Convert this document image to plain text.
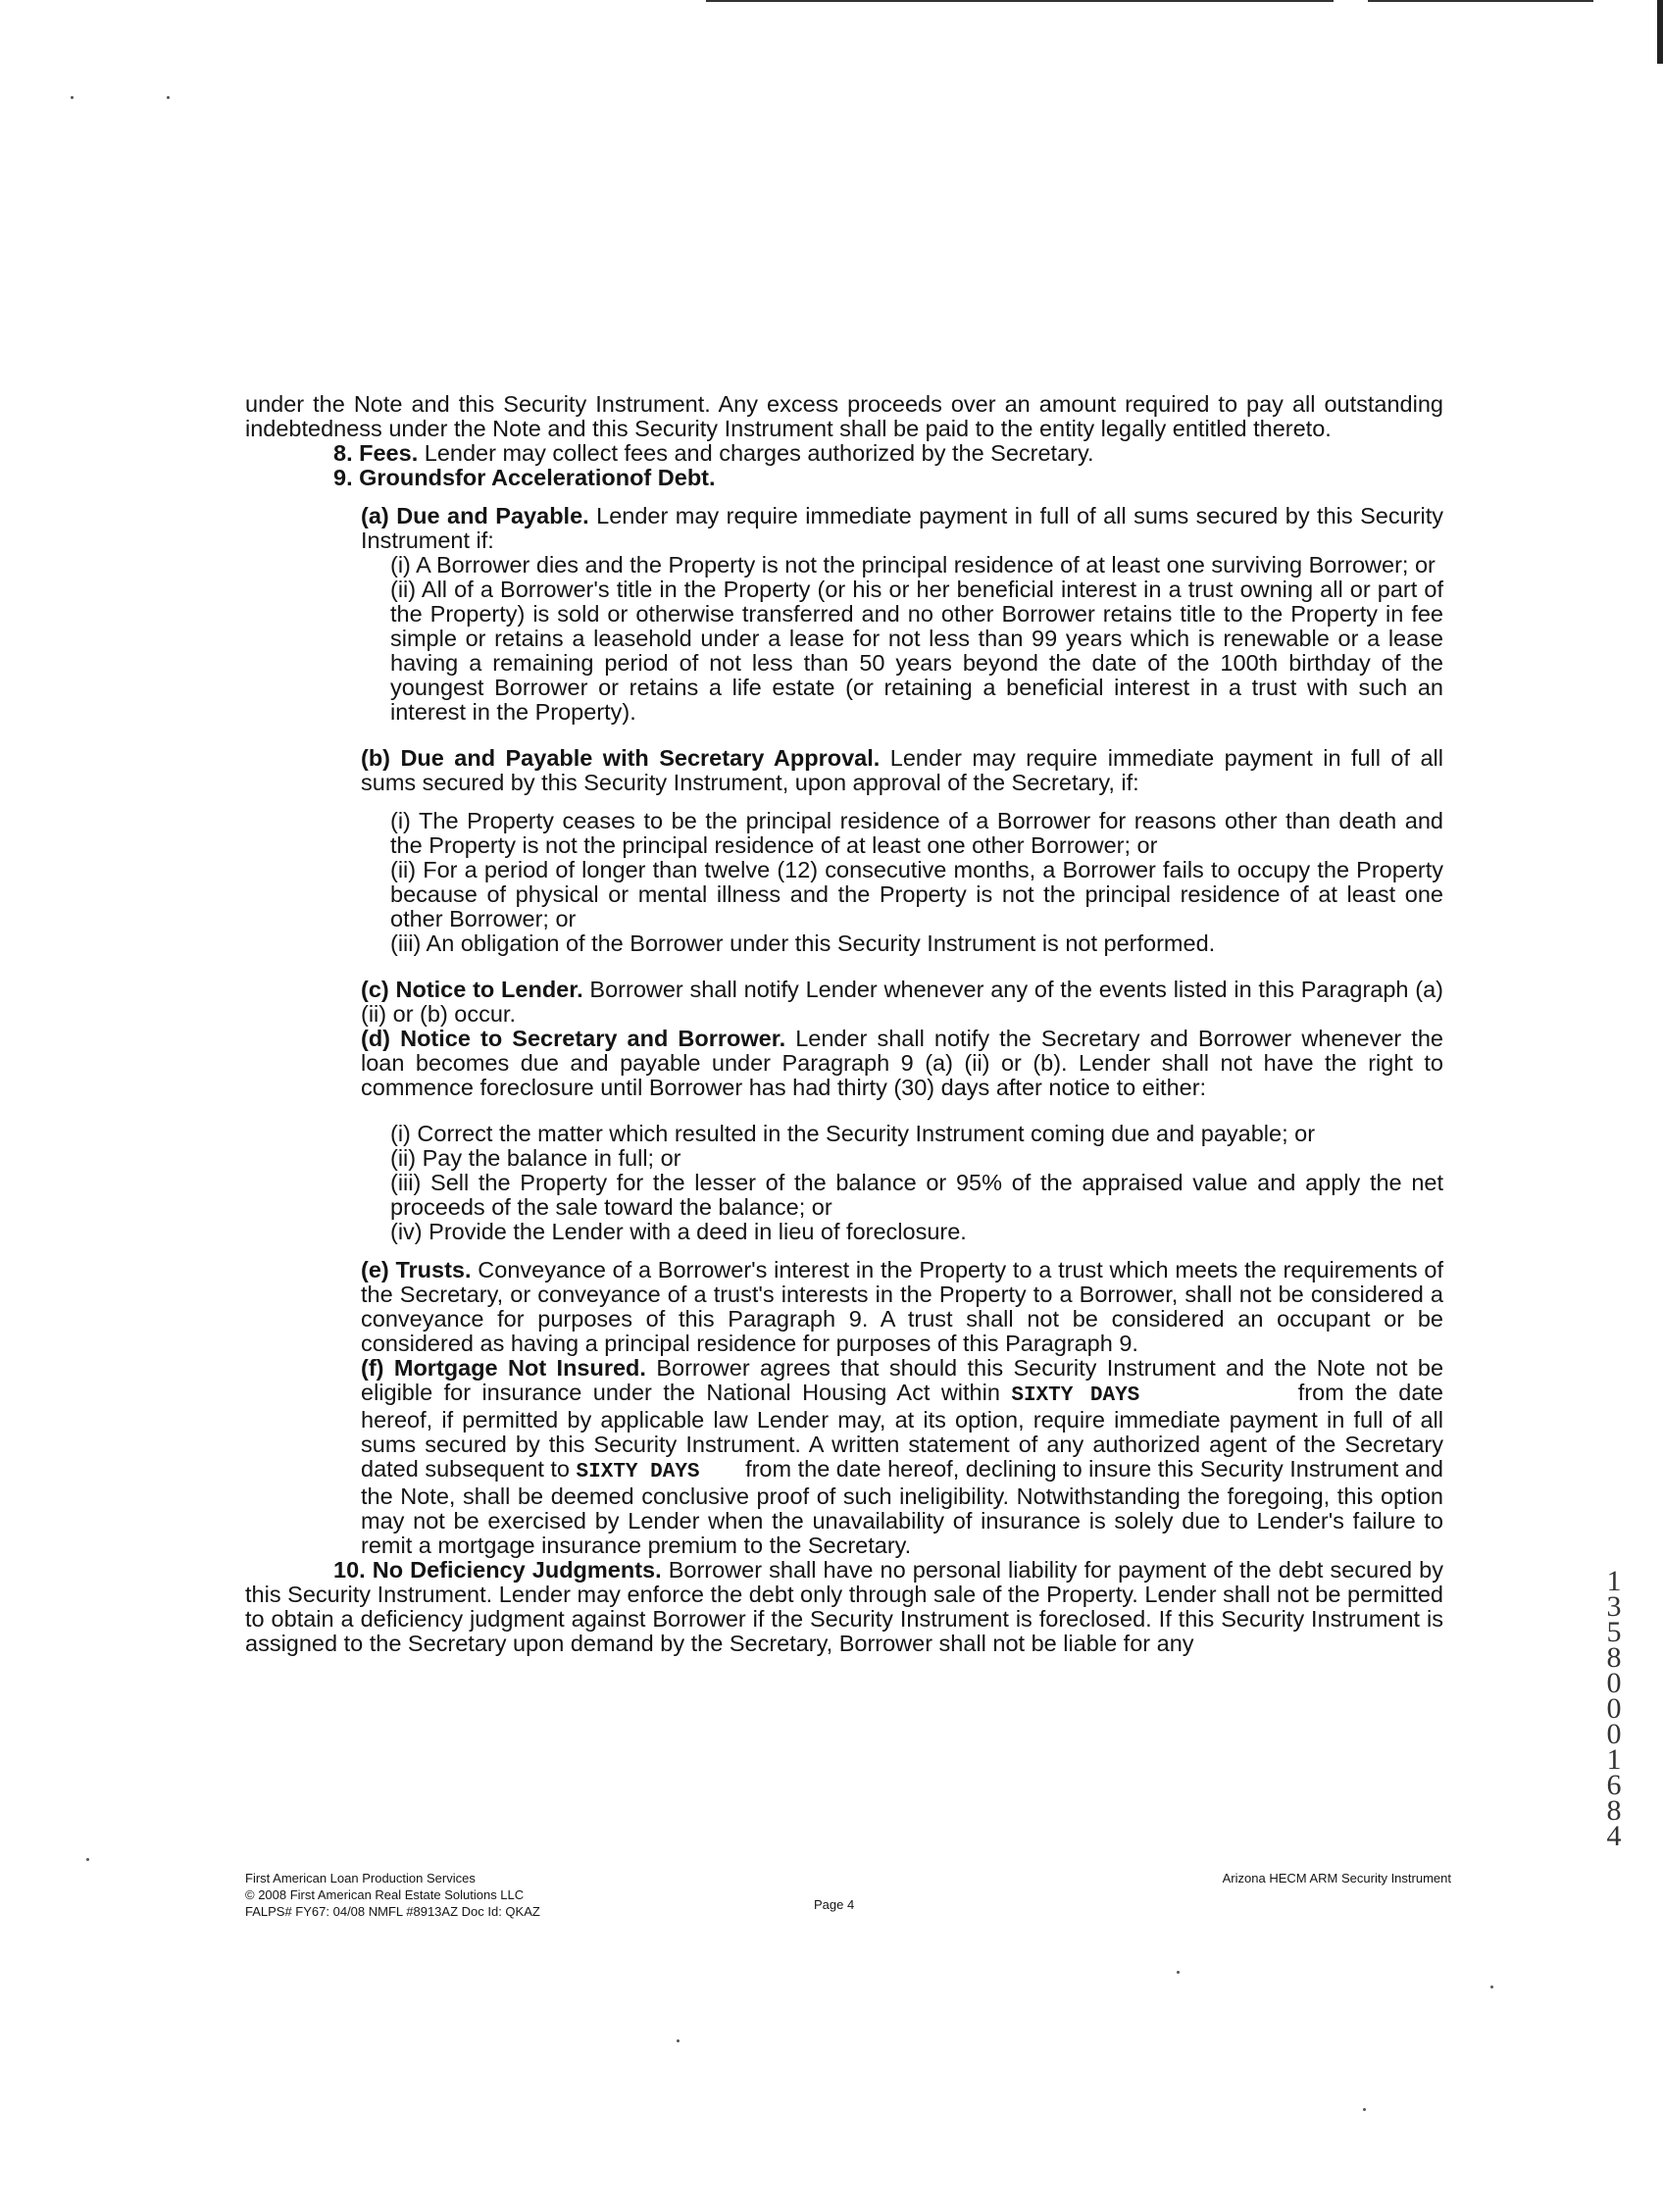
under the Note and this Security Instrument. Any excess proceeds over an amount required to pay all outstanding indebtedness under the Note and this Security Instrument shall be paid to the entity legally entitled thereto.

8. Fees. Lender may collect fees and charges authorized by the Secretary.

9. Groundsfor Accelerationof Debt.

(a) Due and Payable. Lender may require immediate payment in full of all sums secured by this Security Instrument if:

(i) A Borrower dies and the Property is not the principal residence of at least one surviving Borrower; or

(ii) All of a Borrower's title in the Property (or his or her beneficial interest in a trust owning all or part of the Property) is sold or otherwise transferred and no other Borrower retains title to the Property in fee simple or retains a leasehold under a lease for not less than 99 years which is renewable or a lease having a remaining period of not less than 50 years beyond the date of the 100th birthday of the youngest Borrower or retains a life estate (or retaining a beneficial interest in a trust with such an interest in the Property).

(b) Due and Payable with Secretary Approval. Lender may require immediate payment in full of all sums secured by this Security Instrument, upon approval of the Secretary, if:

(i) The Property ceases to be the principal residence of a Borrower for reasons other than death and the Property is not the principal residence of at least one other Borrower; or

(ii) For a period of longer than twelve (12) consecutive months, a Borrower fails to occupy the Property because of physical or mental illness and the Property is not the principal residence of at least one other Borrower; or

(iii) An obligation of the Borrower under this Security Instrument is not performed.

(c) Notice to Lender. Borrower shall notify Lender whenever any of the events listed in this Paragraph (a) (ii) or (b) occur.

(d) Notice to Secretary and Borrower. Lender shall notify the Secretary and Borrower whenever the loan becomes due and payable under Paragraph 9 (a) (ii) or (b). Lender shall not have the right to commence foreclosure until Borrower has had thirty (30) days after notice to either:

(i) Correct the matter which resulted in the Security Instrument coming due and payable; or

(ii) Pay the balance in full; or

(iii) Sell the Property for the lesser of the balance or 95% of the appraised value and apply the net proceeds of the sale toward the balance; or

(iv) Provide the Lender with a deed in lieu of foreclosure.

(e) Trusts. Conveyance of a Borrower's interest in the Property to a trust which meets the requirements of the Secretary, or conveyance of a trust's interests in the Property to a Borrower, shall not be considered a conveyance for purposes of this Paragraph 9. A trust shall not be considered an occupant or be considered as having a principal residence for purposes of this Paragraph 9.

(f) Mortgage Not Insured. Borrower agrees that should this Security Instrument and the Note not be eligible for insurance under the National Housing Act within SIXTY DAYS	from the date hereof, if permitted by applicable law Lender may, at its option, require immediate payment in full of all sums secured by this Security Instrument. A written statement of any authorized agent of the Secretary dated subsequent to SIXTY DAYS from the date hereof, declining to insure this Security Instrument and the Note, shall be deemed conclusive proof of such ineligibility. Notwithstanding the foregoing, this option may not be exercised by Lender when the unavailability of insurance is solely due to Lender's failure to remit a mortgage insurance premium to the Secretary.

10. No Deficiency Judgments. Borrower shall have no personal liability for payment of the debt secured by this Security Instrument. Lender may enforce the debt only through sale of the Property. Lender shall not be permitted to obtain a deficiency judgment against Borrower if the Security Instrument is foreclosed. If this Security Instrument is assigned to the Secretary upon demand by the Secretary, Borrower shall not be liable for any

First American Loan Production Services
© 2008 First American Real Estate Solutions LLC
FALPS# FY67: 04/08 NMFL #8913AZ Doc Id: QKAZ	Page 4
Arizona HECM ARM Security Instrument
135800 01684
